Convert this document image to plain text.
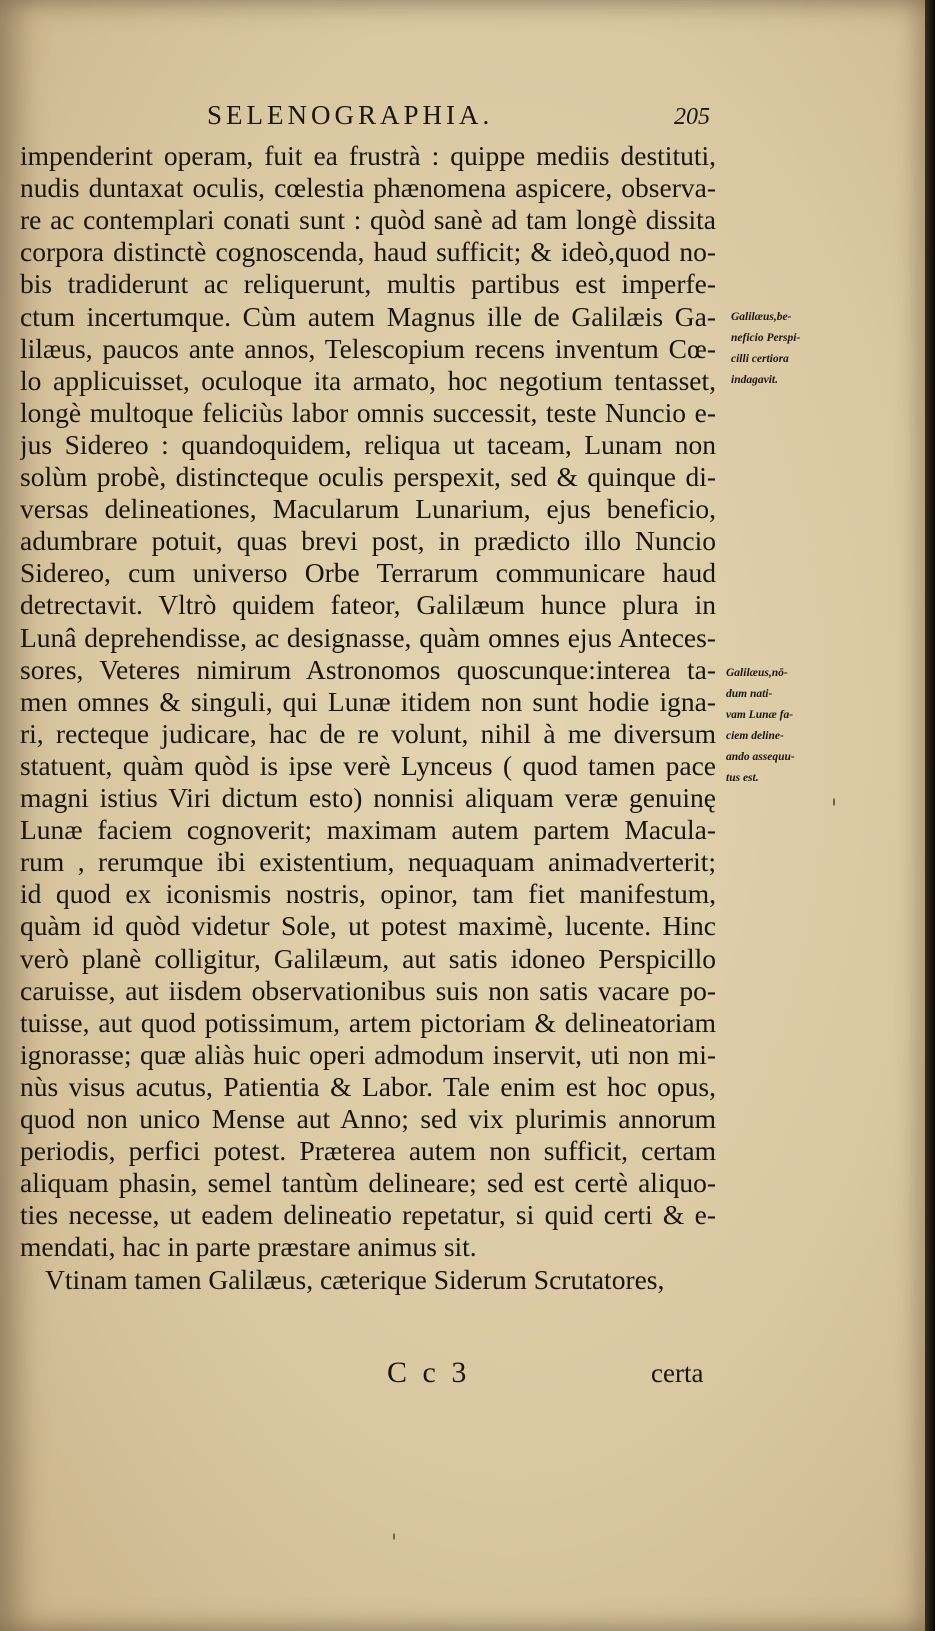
SELENOGRAPHIA.	205
impenderint operam, fuit ea frustrà : quippe mediis destituti,
nudis duntaxat oculis, cœlestia phænomena aspicere, observa-
re ac contemplari conati sunt : quòd sanè ad tam longè dissita
corpora distinctè cognoscenda, haud sufficit; & ideò,quod no-
bis tradiderunt ac reliquerunt, multis partibus est imperfe-
ctum incertumque. Cùm autem Magnus ille de Galilæis Ga-
lilæus, paucos ante annos, Telescopium recens inventum Cœ-
lo applicuisset, oculoque ita armato, hoc negotium tentasset,
longè multoque feliciùs labor omnis successit, teste Nuncio e-
jus Sidereo : quandoquidem, reliqua ut taceam, Lunam non
solùm probè, distincteque oculis perspexit, sed & quinque di-
versas delineationes, Macularum Lunarium, ejus beneficio,
adumbrare potuit, quas brevi post, in prædicto illo Nuncio
Sidereo, cum universo Orbe Terrarum communicare haud
detrectavit. Vltrò quidem fateor, Galilæum hunce plura in
Lunâ deprehendisse, ac designasse, quàm omnes ejus Anteces-
sores, Veteres nimirum Astronomos quoscunque:interea ta-
men omnes & singuli, qui Lunæ itidem non sunt hodie igna-
ri, recteque judicare, hac de re volunt, nihil à me diversum
statuent, quàm quòd is ipse verè Lynceus ( quod tamen pace
magni istius Viri dictum esto) nonnisi aliquam veræ genuinę
Lunæ faciem cognoverit; maximam autem partem Macula-
rum , rerumque ibi existentium, nequaquam animadverterit;
id quod ex iconismis nostris, opinor, tam fiet manifestum,
quàm id quòd videtur Sole, ut potest maximè, lucente. Hinc
verò planè colligitur, Galilæum, aut satis idoneo Perspicillo
caruisse, aut iisdem observationibus suis non satis vacare po-
tuisse, aut quod potissimum, artem pictoriam & delineatoriam
ignorasse; quæ aliàs huic operi admodum inservit, uti non mi-
nùs visus acutus, Patientia & Labor. Tale enim est hoc opus,
quod non unico Mense aut Anno; sed vix plurimis annorum
periodis, perfici potest. Præterea autem non sufficit, certam
aliquam phasin, semel tantùm delineare; sed est certè aliquo-
ties necesse, ut eadem delineatio repetatur, si quid certi & e-
mendati, hac in parte præstare animus sit.
Vtinam tamen Galilæus, cæterique Siderum Scrutatores,
Galilæus,be-
neficio Perspi-
cilli certiora
indagavit.
Galilæus,nō-
dum nati-
vam Lunæ fa-
ciem deline-
ando assequu-
tus est.
C c 3	certa
